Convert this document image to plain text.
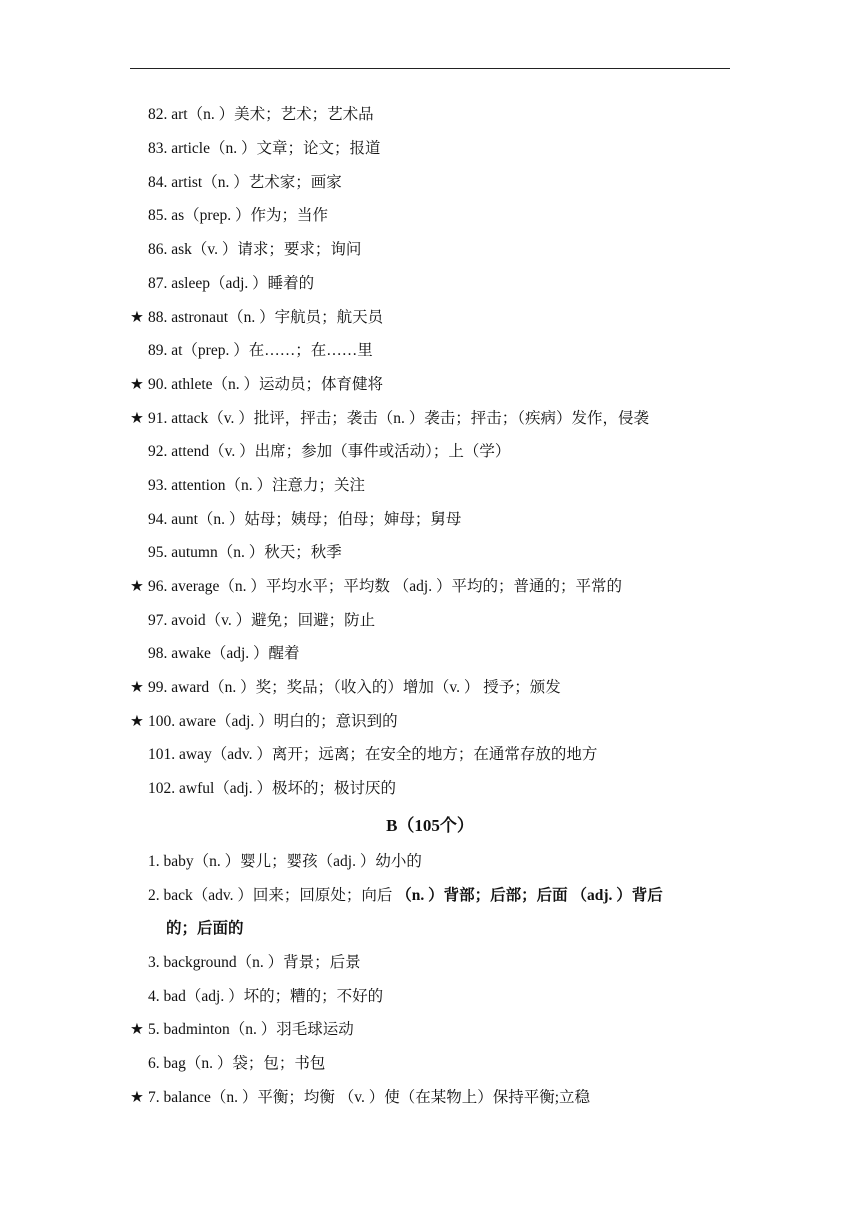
82. art（n. ）美术；艺术；艺术品
83. article（n. ）文章；论文；报道
84. artist（n. ）艺术家；画家
85. as（prep. ）作为；当作
86. ask（v. ）请求；要求；询问
87. asleep（adj. ）睡着的
★ 88. astronaut（n. ）宇航员；航天员
89. at（prep. ）在……；在……里
★ 90. athlete（n. ）运动员；体育健将
★ 91. attack（v. ）批评，抨击；袭击（n. ）袭击；抨击；（疾病）发作，侵袭
92. attend（v. ）出席；参加（事件或活动）；上（学）
93. attention（n. ）注意力；关注
94. aunt（n. ）姑母；姨母；伯母；婶母；舅母
95. autumn（n. ）秋天；秋季
★ 96. average（n. ）平均水平；平均数 （adj. ）平均的；普通的；平常的
97. avoid（v. ）避免；回避；防止
98. awake（adj. ）醒着
★ 99. award（n. ）奖；奖品；（收入的）增加（v. ） 授予；颁发
★ 100. aware（adj. ）明白的；意识到的
101. away（adv. ）离开；远离；在安全的地方；在通常存放的地方
102. awful（adj. ）极坏的；极讨厌的
B（105个）
1. baby（n. ）婴儿；婴孩（adj. ）幼小的
2. back（adv. ）回来；回原处；向后 （n. ）背部；后部；后面 （adj. ）背后
的；后面的
3. background（n. ）背景；后景
4. bad（adj. ）坏的；糟的；不好的
★ 5. badminton（n. ）羽毛球运动
6. bag（n. ）袋；包；书包
★ 7. balance（n. ）平衡；均衡 （v. ）使（在某物上）保持平衡;立稳
